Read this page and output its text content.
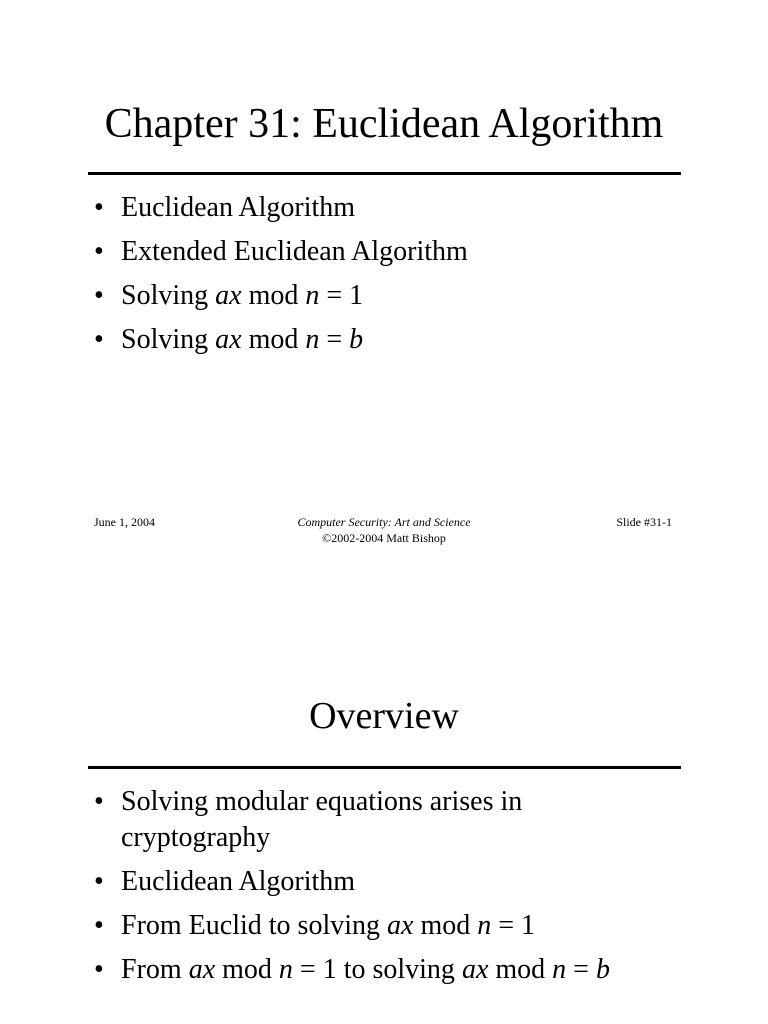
Chapter 31: Euclidean Algorithm
• Euclidean Algorithm
• Extended Euclidean Algorithm
• Solving ax mod n = 1
• Solving ax mod n = b
June 1, 2004	Computer Security: Art and Science	Slide #31-1
©2002-2004 Matt Bishop
Overview
• Solving modular equations arises in
cryptography
• Euclidean Algorithm
• From Euclid to solving ax mod n = 1
• From ax mod n = 1 to solving ax mod n = b
